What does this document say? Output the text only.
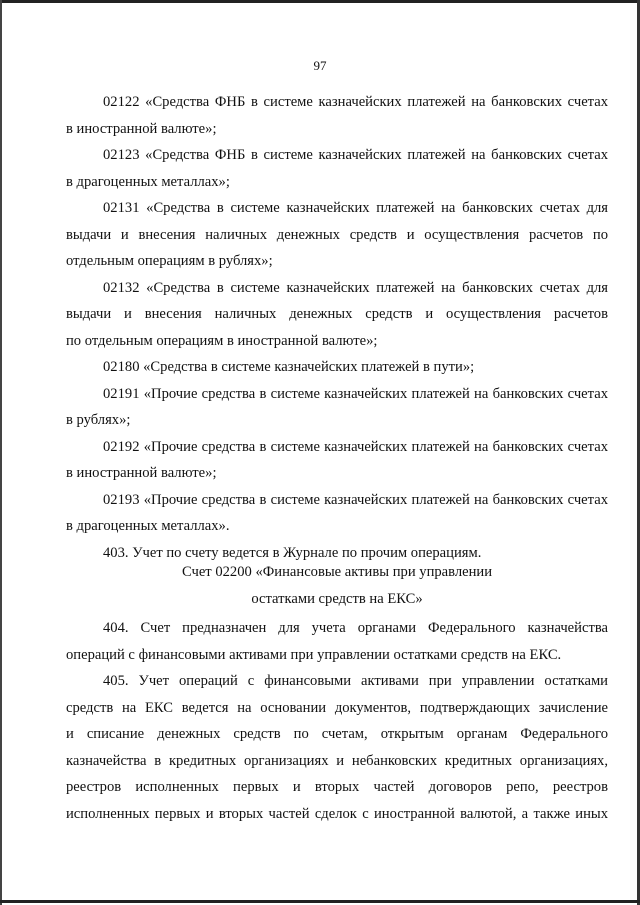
97
02122 «Средства ФНБ в системе казначейских платежей на банковских счетах
в иностранной валюте»;
02123 «Средства ФНБ в системе казначейских платежей на банковских счетах
в драгоценных металлах»;
02131 «Средства в системе казначейских платежей на банковских счетах для
выдачи и внесения наличных денежных средств и осуществления расчетов по
отдельным операциям в рублях»;
02132 «Средства в системе казначейских платежей на банковских счетах для
выдачи и внесения наличных денежных средств и осуществления расчетов
по отдельным операциям в иностранной валюте»;
02180 «Средства в системе казначейских платежей в пути»;
02191 «Прочие средства в системе казначейских платежей на банковских счетах
в рублях»;
02192 «Прочие средства в системе казначейских платежей на банковских счетах
в иностранной валюте»;
02193 «Прочие средства в системе казначейских платежей на банковских счетах
в драгоценных металлах».
403. Учет по счету ведется в Журнале по прочим операциям.
Счет 02200 «Финансовые активы при управлении
остатками средств на ЕКС»
404. Счет предназначен для учета органами Федерального казначейства
операций с финансовыми активами при управлении остатками средств на ЕКС.
405. Учет операций с финансовыми активами при управлении остатками
средств на ЕКС ведется на основании документов, подтверждающих зачисление
и списание денежных средств по счетам, открытым органам Федерального
казначейства в кредитных организациях и небанковских кредитных организациях,
реестров исполненных первых и вторых частей договоров репо, реестров
исполненных первых и вторых частей сделок с иностранной валютой, а также иных
